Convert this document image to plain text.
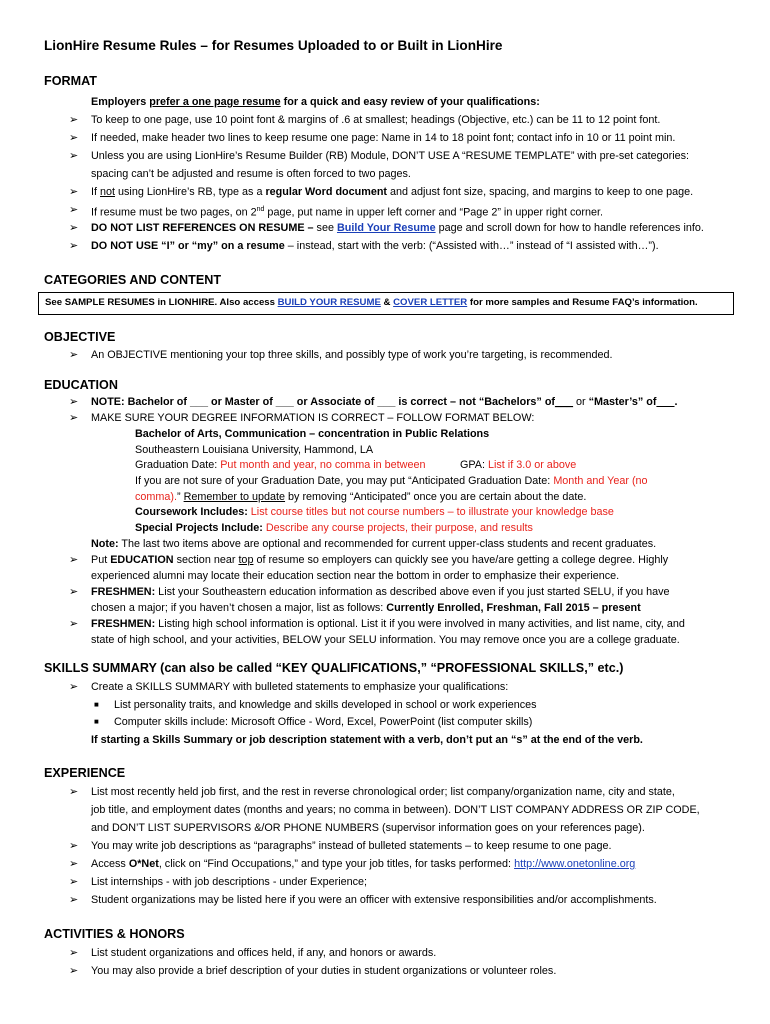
LionHire Resume Rules – for Resumes Uploaded to or Built in LionHire
FORMAT
Employers prefer a one page resume for a quick and easy review of your qualifications:
➢ To keep to one page, use 10 point font & margins of .6 at smallest; headings (Objective, etc.) can be 11 to 12 point font.
➢ If needed, make header two lines to keep resume one page: Name in 14 to 18 point font; contact info in 10 or 11 point min.
➢ Unless you are using LionHire’s Resume Builder (RB) Module, DON’T USE A “RESUME TEMPLATE” with pre-set categories:
spacing can’t be adjusted and resume is often forced to two pages.
➢ If not using LionHire’s RB, type as a regular Word document and adjust font size, spacing, and margins to keep to one page.
➢ If resume must be two pages, on 2nd page, put name in upper left corner and “Page 2” in upper right corner.
➢ DO NOT LIST REFERENCES ON RESUME – see Build Your Resume page and scroll down for how to handle references info.
➢ DO NOT USE “I” or “my” on a resume – instead, start with the verb: (“Assisted with…” instead of “I assisted with…”).
CATEGORIES AND CONTENT
See SAMPLE RESUMES in LIONHIRE. Also access BUILD YOUR RESUME & COVER LETTER for more samples and Resume FAQ’s information.
OBJECTIVE
➢ An OBJECTIVE mentioning your top three skills, and possibly type of work you’re targeting, is recommended.
EDUCATION
➢ NOTE: Bachelor of ___ or Master of ___ or Associate of ___ is correct – not “Bachelors” of___ or “Master’s” of___.
➢ MAKE SURE YOUR DEGREE INFORMATION IS CORRECT – FOLLOW FORMAT BELOW:
Bachelor of Arts, Communication – concentration in Public Relations
Southeastern Louisiana University, Hammond, LA
Graduation Date: Put month and year, no comma in between	GPA: List if 3.0 or above
If you are not sure of your Graduation Date, you may put “Anticipated Graduation Date: Month and Year (no
comma).” Remember to update by removing “Anticipated” once you are certain about the date.
Coursework Includes: List course titles but not course numbers – to illustrate your knowledge base
Special Projects Include: Describe any course projects, their purpose, and results
Note: The last two items above are optional and recommended for current upper-class students and recent graduates.
➢ Put EDUCATION section near top of resume so employers can quickly see you have/are getting a college degree. Highly
experienced alumni may locate their education section near the bottom in order to emphasize their experience.
➢ FRESHMEN: List your Southeastern education information as described above even if you just started SELU, if you have
chosen a major; if you haven’t chosen a major, list as follows: Currently Enrolled, Freshman, Fall 2015 – present
➢ FRESHMEN: Listing high school information is optional. List it if you were involved in many activities, and list name, city, and
state of high school, and your activities, BELOW your SELU information. You may remove once you are a college graduate.
SKILLS SUMMARY (can also be called “KEY QUALIFICATIONS,” “PROFESSIONAL SKILLS,” etc.)
➢ Create a SKILLS SUMMARY with bulleted statements to emphasize your qualifications:
■ List personality traits, and knowledge and skills developed in school or work experiences
■ Computer skills include: Microsoft Office - Word, Excel, PowerPoint (list computer skills)
If starting a Skills Summary or job description statement with a verb, don’t put an “s” at the end of the verb.
EXPERIENCE
➢ List most recently held job first, and the rest in reverse chronological order; list company/organization name, city and state,
job title, and employment dates (months and years; no comma in between). DON’T LIST COMPANY ADDRESS OR ZIP CODE,
and DON’T LIST SUPERVISORS &/OR PHONE NUMBERS (supervisor information goes on your references page).
➢ You may write job descriptions as “paragraphs” instead of bulleted statements – to keep resume to one page.
➢ Access O*Net, click on “Find Occupations,” and type your job titles, for tasks performed: http://www.onetonline.org
➢ List internships - with job descriptions - under Experience;
➢ Student organizations may be listed here if you were an officer with extensive responsibilities and/or accomplishments.
ACTIVITIES & HONORS
➢ List student organizations and offices held, if any, and honors or awards.
➢ You may also provide a brief description of your duties in student organizations or volunteer roles.
